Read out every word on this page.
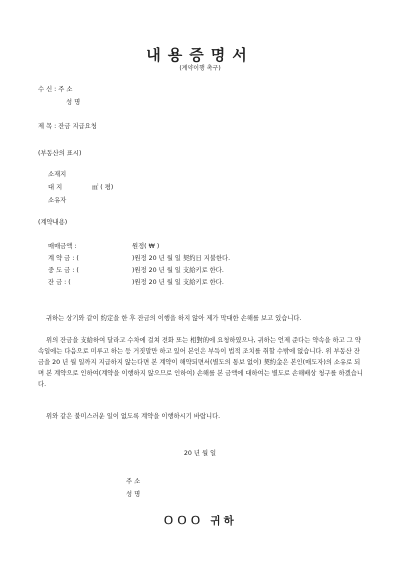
내용증명서
(계약이행 촉구)
수 신 : 주 소
성 명
제 목 : 잔금 지급요청
(부동산의 표시)
소재지
대 지	㎡ ( 평)
소유자
(계약내용)
매매금액 :	원정( ₩ )
계 약 금 : (	)원정 20 년 월 일 契約日 지불한다.
중 도 금 : (	)원정 20 년 월 일 支給키로 한다.
잔 금 : (	)원정 20 년 월 일 支給키로 한다.
귀하는 상기와 같이 約定을 한 후 잔금의 이행을 하지 않아 제가 막대한 손해를 보고 있습니다.
위의 잔금을 支給하여 달라고 수차에 걸쳐 전화 또는 相對的에 요청하였으나, 귀하는 언제 준다는 약속을 하고 그 약속일에는 다음으로 미루고 하는 등 거짓말만 하고 있어 본인은 부득이 법적 조치를 취할 수밖에 없습니다. 위 부동산 잔금을 20 년 월 일까지 지급하지 않는다면 본 계약이 해약되면서(별도의 통보 없이) 契約金은 본인(매도자)의 소유로 되며 본 계약으로 인하여(계약을 이행하지 않으므로 인하여) 손해를 본 금액에 대하여는 별도로 손해배상 청구를 하겠습니다.
위와 같은 불미스러운 일이 없도록 계약을 이행하시기 바랍니다.
20 년 월 일
주 소
성 명
ＯＯＯ 귀하
